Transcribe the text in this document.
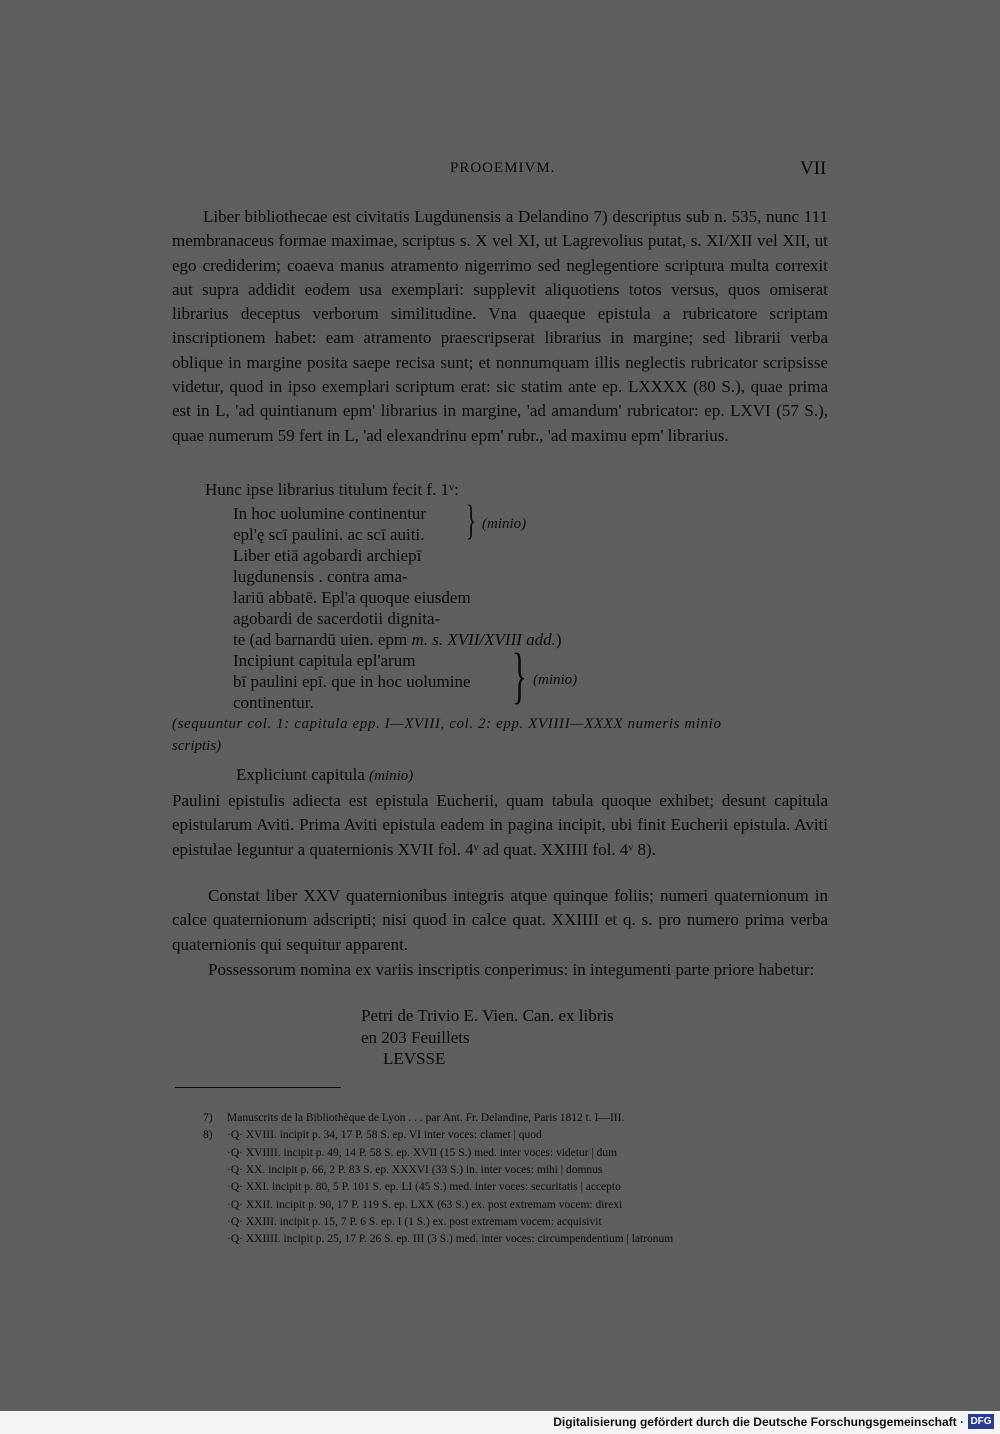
PROOEMIVM.	VII

Liber bibliothecae est civitatis Lugdunensis a Delandino 7) descriptus sub n. 535, nunc 111 membranaceus formae maximae, scriptus s. X vel XI, ut Lagrevolius putat, s. XI/XII vel XII, ut ego crediderim; coaeva manus atramento nigerrimo sed neglegentiore scriptura multa correxit aut supra addidit eodem usa exemplari: supplevit aliquotiens totos versus, quos omiserat librarius deceptus verborum similitudine. Vna quaeque epistula a rubricatore scriptam inscriptionem habet: eam atramento praescripserat librarius in margine; sed librarii verba oblique in margine posita saepe recisa sunt; et nonnumquam illis neglectis rubricator scripsisse videtur, quod in ipso exemplari scriptum erat: sic statim ante ep. LXXXX (80 S.), quae prima est in L, 'ad quintianum epm' librarius in margine, 'ad amandum' rubricator: ep. LXVI (57 S.), quae numerum 59 fert in L, 'ad elexandrinu epm' rubr., 'ad maximu epm' librarius.

Hunc ipse librarius titulum fecit f. 1ᵛ:
In hoc uolumine continentur
epl'ę scī paulini. ac scī auiti. } (minio)
Liber etiā agobardi archiepī
lugdunensis . contra ama-
lariū abbatē. Epl'a quoque eiusdem
agobardi de sacerdotii dignita-
te (ad barnardū uien. epm m. s. XVII/XVIII add.)
Incipiunt capitula epl'arum
bī paulini epī. que in hoc uolumine
continentur.	} (minio)
(sequuntur col. 1: capitula epp. I—XVIII, col. 2: epp. XVIIII—XXXX numeris minio
scriptis)
Expliciunt capitula (minio)

Paulini epistulis adiecta est epistula Eucherii, quam tabula quoque exhibet; desunt capitula epistularum Aviti. Prima Aviti epistula eadem in pagina incipit, ubi finit Eucherii epistula. Aviti epistulae leguntur a quaternionis XVII fol. 4ᵛ ad quat. XXIIII fol. 4ᵛ 8).

Constat liber XXV quaternionibus integris atque quinque foliis; numeri quaternionum in calce quaternionum adscripti; nisi quod in calce quat. XXIIII et q. s. pro numero prima verba quaternionis qui sequitur apparent.

Possessorum nomina ex variis inscriptis conperimus: in integumenti parte priore habetur:

Petri de Trivio E. Vien. Can. ex libris
en 203 Feuillets
LEVSSE
7) Manuscrits de la Bibliothèque de Lyon . . . par Ant. Fr. Delandine, Paris 1812 t. I—III.
8) ·Q· XVIII. incipit p. 34, 17 P. 58 S. ep. VI inter voces: clamet | quod
·Q· XVIIII. incipit p. 49, 14 P. 58 S. ep. XVII (15 S.) med. inter voces: videtur | dum
·Q· XX. incipit p. 66, 2 P. 83 S. ep. XXXVI (33 S.) in. inter voces: mihi | domnus
·Q· XXI. incipit p. 80, 5 P. 101 S. ep. LI (45 S.) med. inter voces: securitatis | accepto
·Q· XXII. incipit p. 90, 17 P. 119 S. ep. LXX (63 S.) ex. post extremam vocem: direxi
·Q· XXIII. incipit p. 15, 7 P. 6 S. ep. I (1 S.) ex. post extremam vocem: acquisivit
·Q· XXIIII. incipit p. 25, 17 P. 26 S. ep. III (3 S.) med. inter voces: circumpendentium | latronum
Digitalisierung gefördert durch die Deutsche Forschungsgemeinschaft · DFG
